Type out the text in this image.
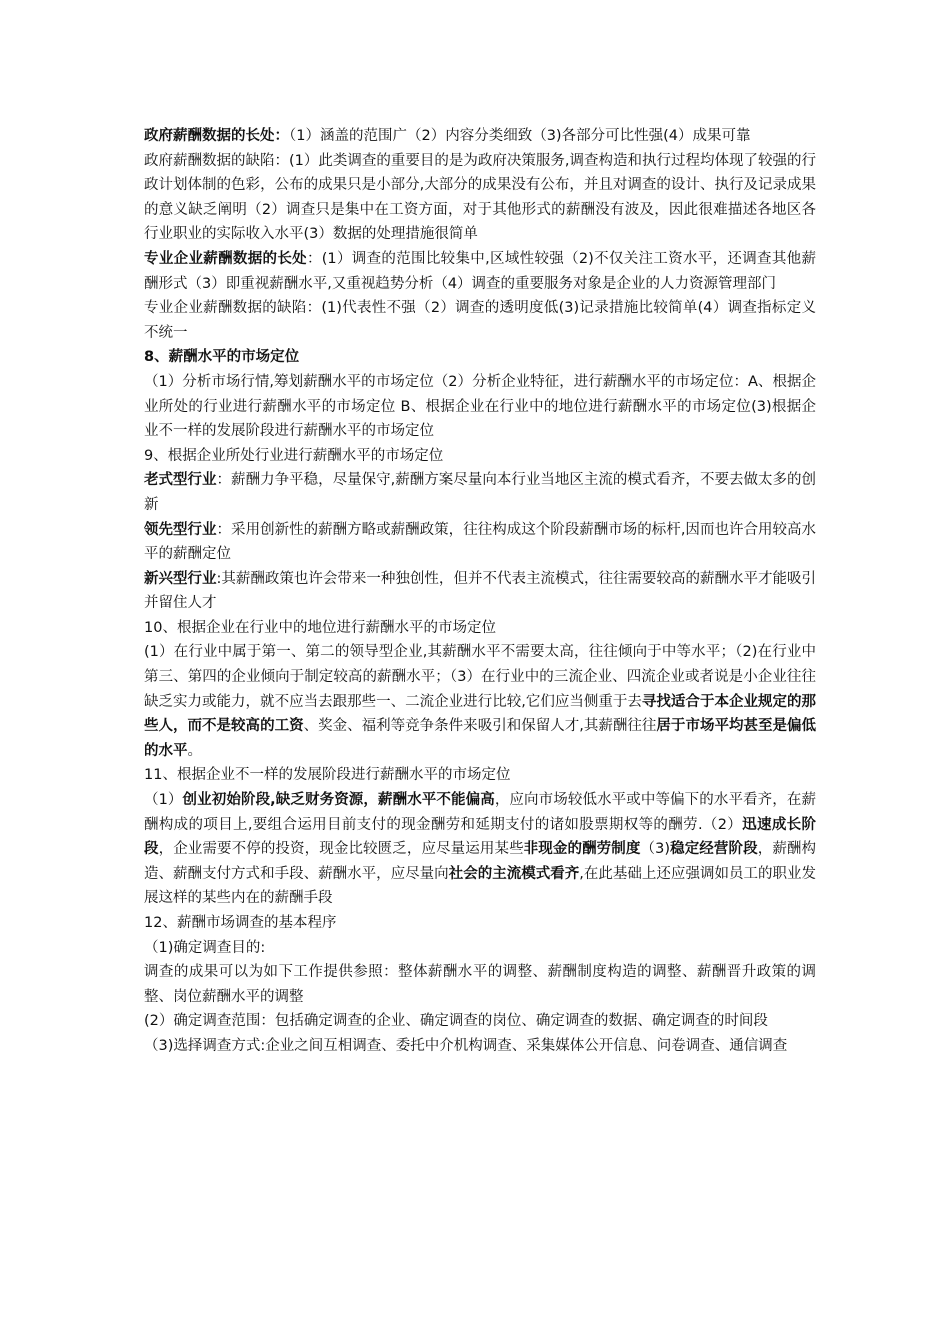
政府薪酬数据的长处：（1）涵盖的范围广（2）内容分类细致（3)各部分可比性强(4）成果可靠

政府薪酬数据的缺陷：(1）此类调查的重要目的是为政府决策服务,调查构造和执行过程均体现了较强的行政计划体制的色彩，公布的成果只是小部分,大部分的成果没有公布，并且对调查的设计、执行及记录成果的意义缺乏阐明（2）调查只是集中在工资方面，对于其他形式的薪酬没有波及，因此很难描述各地区各行业职业的实际收入水平(3）数据的处理措施很简单

专业企业薪酬数据的长处：(1）调查的范围比较集中,区域性较强（2)不仅关注工资水平，还调查其他薪酬形式（3）即重视薪酬水平,又重视趋势分析（4）调查的重要服务对象是企业的人力资源管理部门

专业企业薪酬数据的缺陷：(1)代表性不强（2）调查的透明度低(3)记录措施比较简单(4）调查指标定义不统一

8、薪酬水平的市场定位

（1）分析市场行情,筹划薪酬水平的市场定位（2）分析企业特征，进行薪酬水平的市场定位：A、根据企业所处的行业进行薪酬水平的市场定位 B、根据企业在行业中的地位进行薪酬水平的市场定位(3)根据企业不一样的发展阶段进行薪酬水平的市场定位

9、根据企业所处行业进行薪酬水平的市场定位

老式型行业：薪酬力争平稳，尽量保守,薪酬方案尽量向本行业当地区主流的模式看齐，不要去做太多的创新

领先型行业：采用创新性的薪酬方略或薪酬政策，往往构成这个阶段薪酬市场的标杆,因而也许合用较高水平的薪酬定位

新兴型行业:其薪酬政策也许会带来一种独创性，但并不代表主流模式，往往需要较高的薪酬水平才能吸引并留住人才

10、根据企业在行业中的地位进行薪酬水平的市场定位

(1）在行业中属于第一、第二的领导型企业,其薪酬水平不需要太高，往往倾向于中等水平；（2)在行业中第三、第四的企业倾向于制定较高的薪酬水平；（3）在行业中的三流企业、四流企业或者说是小企业往往缺乏实力或能力，就不应当去跟那些一、二流企业进行比较,它们应当侧重于去寻找适合于本企业规定的那些人，而不是较高的工资、奖金、福利等竞争条件来吸引和保留人才,其薪酬往往居于市场平均甚至是偏低的水平。

11、根据企业不一样的发展阶段进行薪酬水平的市场定位

（1）创业初始阶段,缺乏财务资源，薪酬水平不能偏高，应向市场较低水平或中等偏下的水平看齐，在薪酬构成的项目上,要组合运用目前支付的现金酬劳和延期支付的诸如股票期权等的酬劳.（2）迅速成长阶段，企业需要不停的投资，现金比较匮乏，应尽量运用某些非现金的酬劳制度（3)稳定经营阶段，薪酬构造、薪酬支付方式和手段、薪酬水平，应尽量向社会的主流模式看齐,在此基础上还应强调如员工的职业发展这样的某些内在的薪酬手段

12、薪酬市场调查的基本程序

（1)确定调查目的:

调查的成果可以为如下工作提供参照：整体薪酬水平的调整、薪酬制度构造的调整、薪酬晋升政策的调整、岗位薪酬水平的调整

(2）确定调查范围：包括确定调查的企业、确定调查的岗位、确定调查的数据、确定调查的时间段

（3)选择调查方式:企业之间互相调查、委托中介机构调查、采集媒体公开信息、问卷调查、通信调查
